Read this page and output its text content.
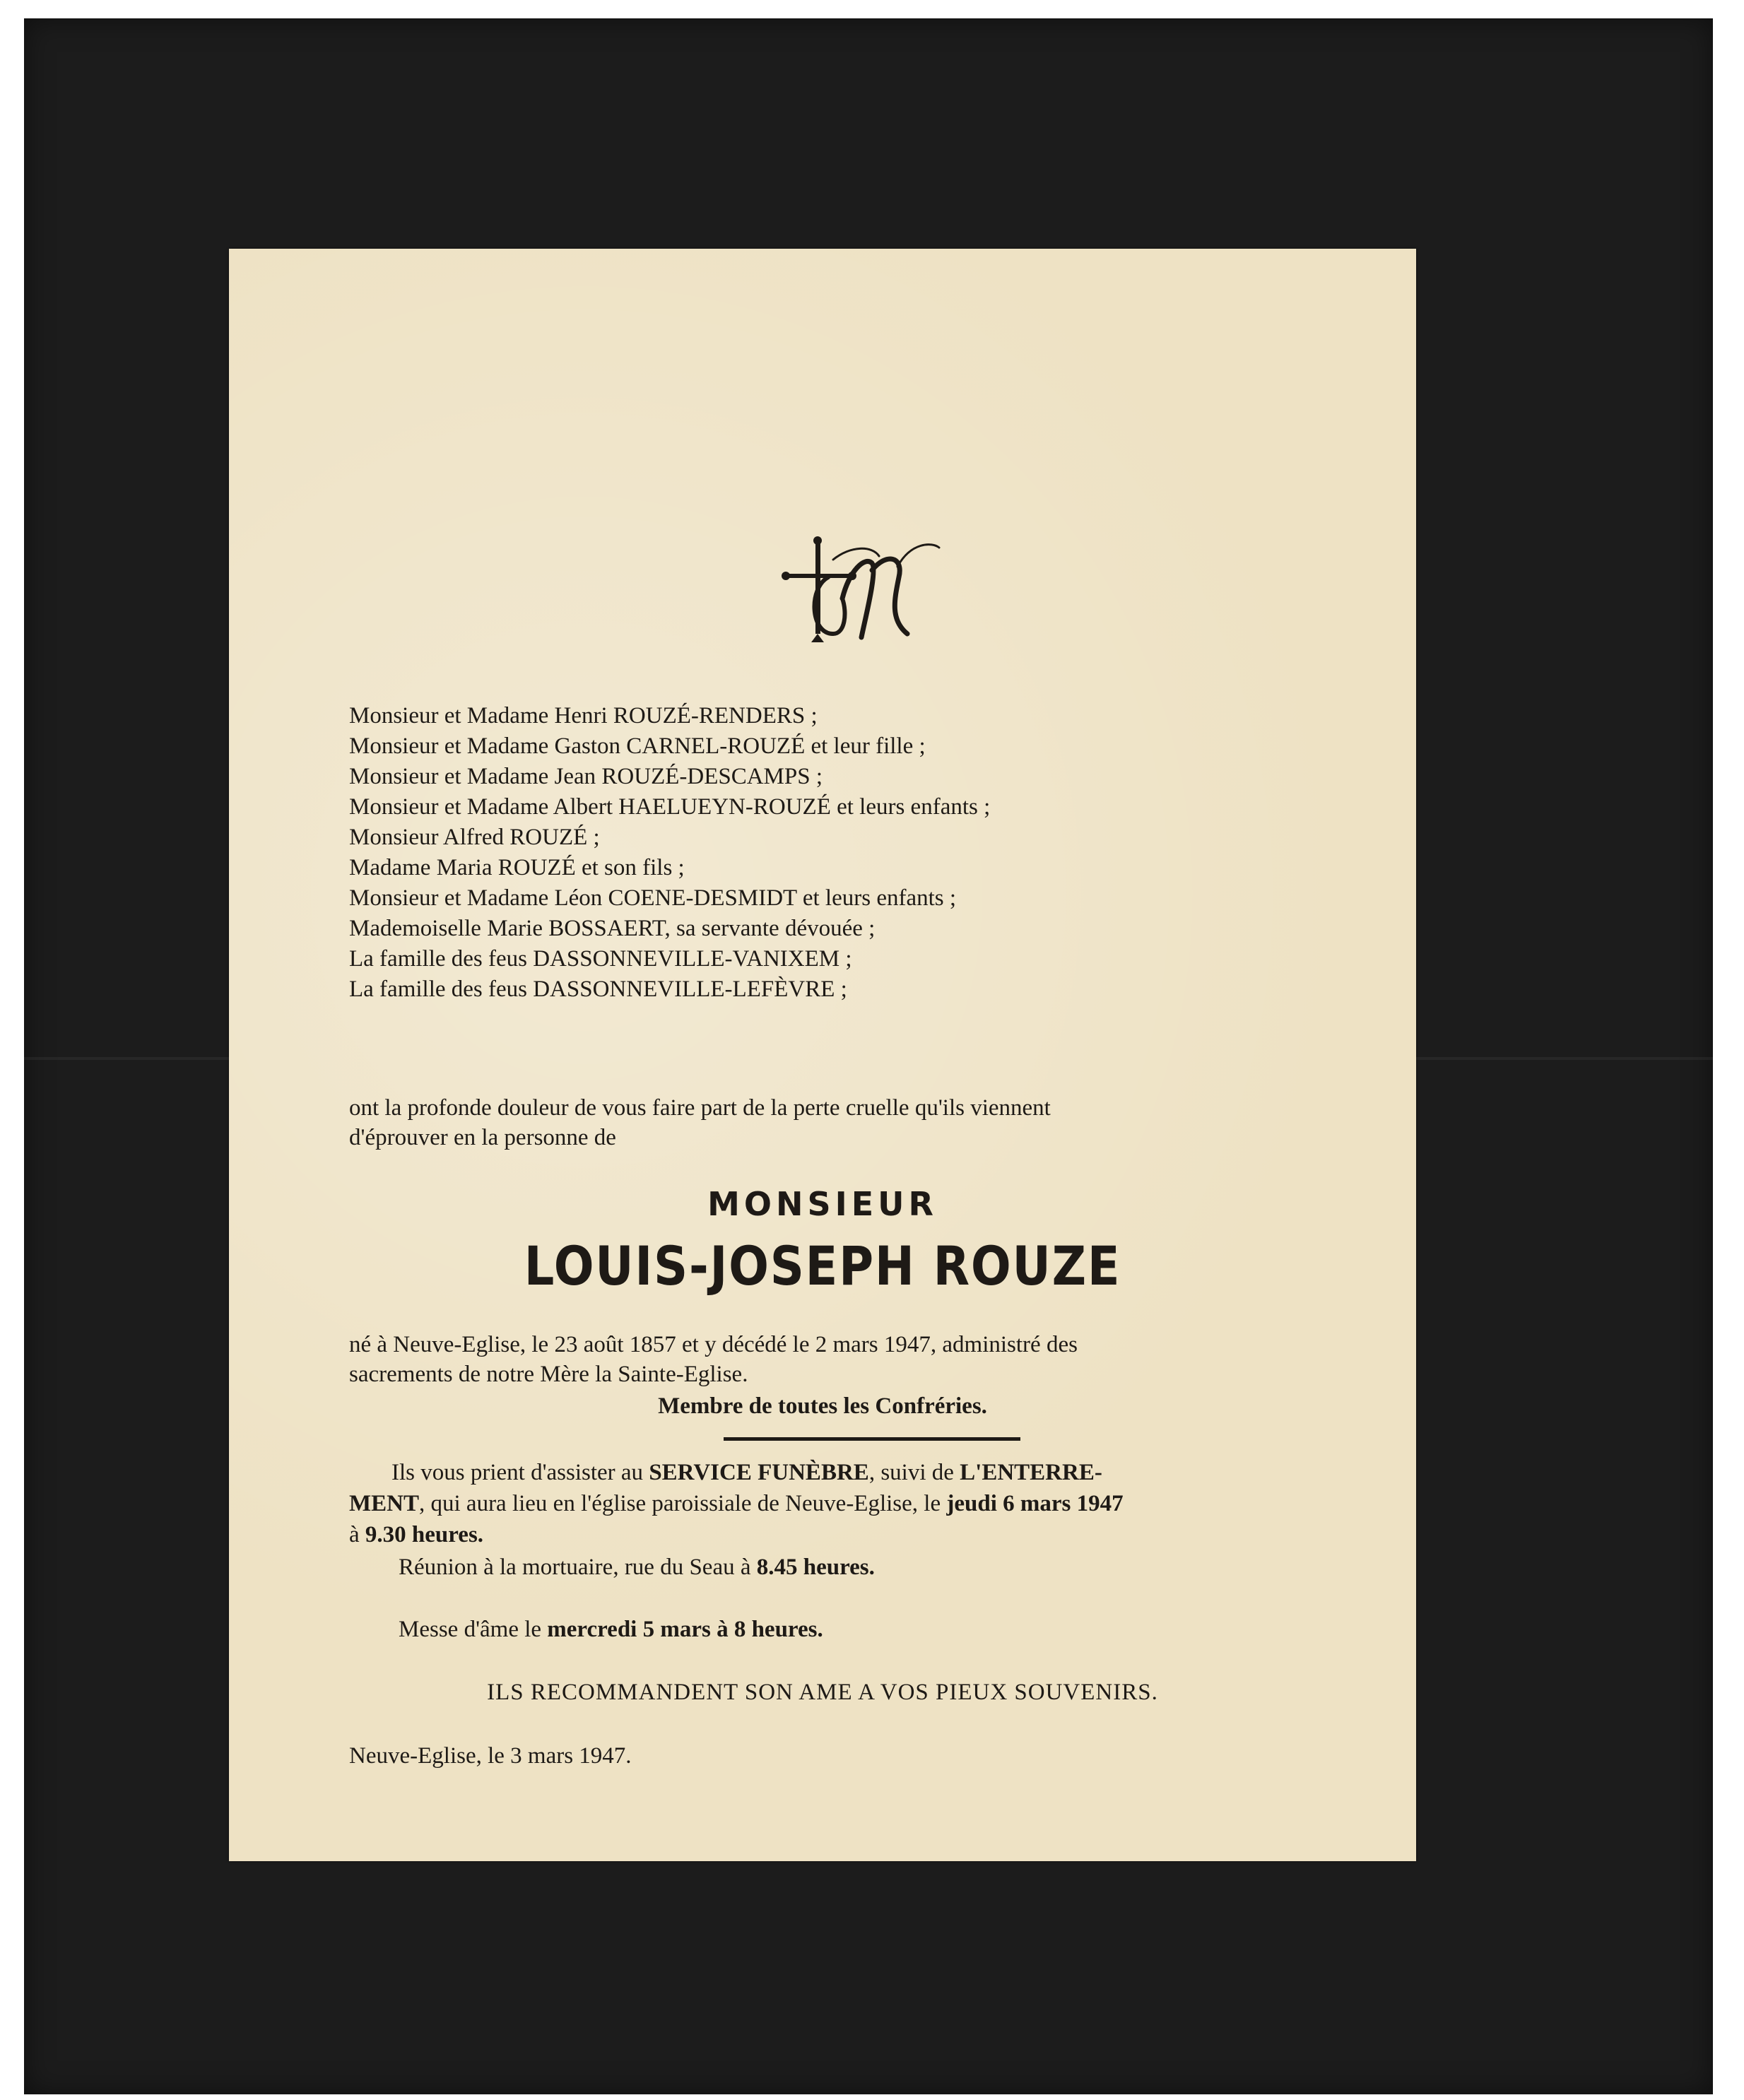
Monsieur et Madame Henri ROUZÉ-RENDERS ;
Monsieur et Madame Gaston CARNEL-ROUZÉ et leur fille ;
Monsieur et Madame Jean ROUZÉ-DESCAMPS ;
Monsieur et Madame Albert HAELUEYN-ROUZÉ et leurs enfants ;
Monsieur Alfred ROUZÉ ;
Madame Maria ROUZÉ et son fils ;
Monsieur et Madame Léon COENE-DESMIDT et leurs enfants ;
Mademoiselle Marie BOSSAERT, sa servante dévouée ;
La famille des feus DASSONNEVILLE-VANIXEM ;
La famille des feus DASSONNEVILLE-LEFÈVRE ;
ont la profonde douleur de vous faire part de la perte cruelle qu'ils viennent
d'éprouver en la personne de
MONSIEUR
LOUIS-JOSEPH ROUZE
né à Neuve-Eglise, le 23 août 1857 et y décédé le 2 mars 1947, administré des
sacrements de notre Mère la Sainte-Eglise.
Membre de toutes les Confréries.
Ils vous prient d'assister au SERVICE FUNÈBRE, suivi de L'ENTERRE-
MENT, qui aura lieu en l'église paroissiale de Neuve-Eglise, le jeudi 6 mars 1947
à 9.30 heures.
Réunion à la mortuaire, rue du Seau à 8.45 heures.
Messe d'âme le mercredi 5 mars à 8 heures.
ILS RECOMMANDENT SON AME A VOS PIEUX SOUVENIRS.
Neuve-Eglise, le 3 mars 1947.
